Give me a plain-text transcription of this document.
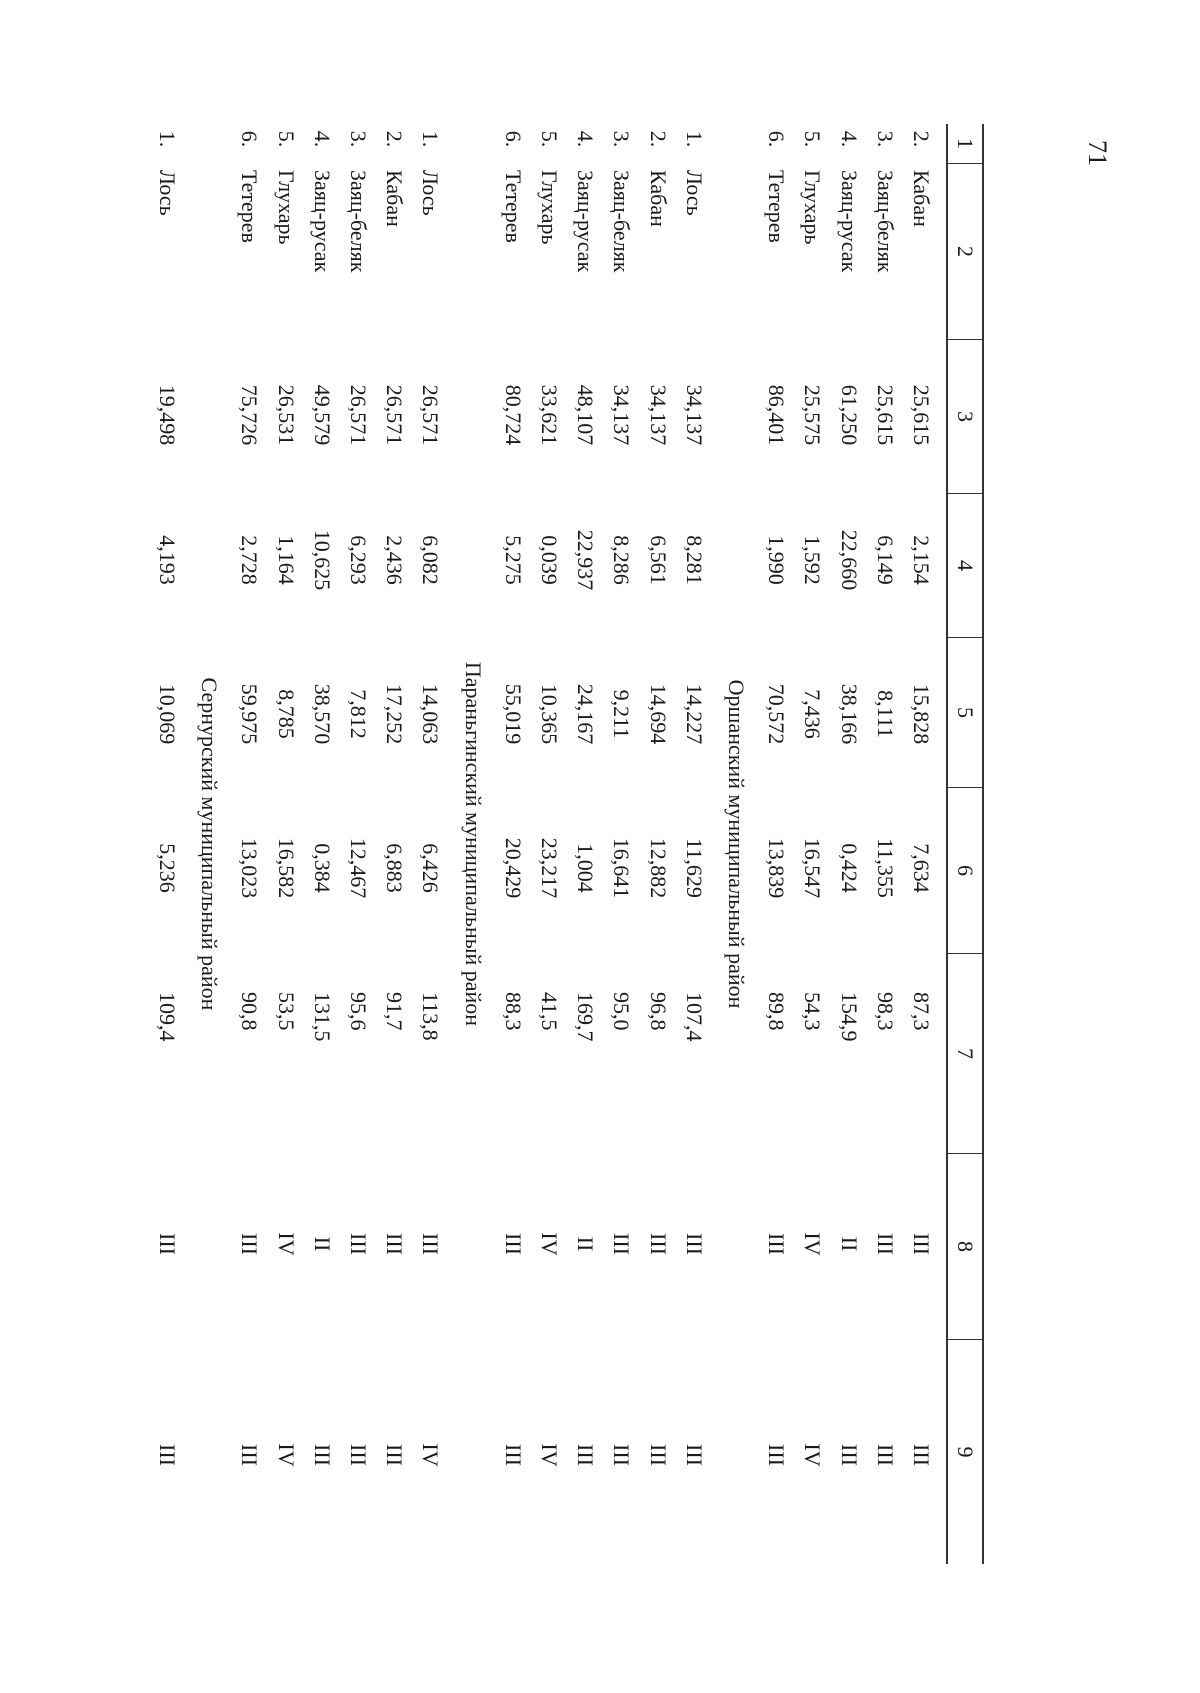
71
1
2
3
4
5
6
7
8
9
2.
Кабан
25,615
2,154
15,828
7,634
87,3
III
III
3.
Заяц-беляк
25,615
6,149
8,111
11,355
98,3
III
III
4.
Заяц-русак
61,250
22,660
38,166
0,424
154,9
II
III
5.
Глухарь
25,575
1,592
7,436
16,547
54,3
IV
IV
6.
Тетерев
86,401
1,990
70,572
13,839
89,8
III
III
Оршанский муниципальный район
1.
Лось
34,137
8,281
14,227
11,629
107,4
III
III
2.
Кабан
34,137
6,561
14,694
12,882
96,8
III
III
3.
Заяц-беляк
34,137
8,286
9,211
16,641
95,0
III
III
4.
Заяц-русак
48,107
22,937
24,167
1,004
169,7
II
III
5.
Глухарь
33,621
0,039
10,365
23,217
41,5
IV
IV
6.
Тетерев
80,724
5,275
55,019
20,429
88,3
III
III
Параньгинский муниципальный район
1.
Лось
26,571
6,082
14,063
6,426
113,8
III
IV
2.
Кабан
26,571
2,436
17,252
6,883
91,7
III
III
3.
Заяц-беляк
26,571
6,293
7,812
12,467
95,6
III
III
4.
Заяц-русак
49,579
10,625
38,570
0,384
131,5
II
III
5.
Глухарь
26,531
1,164
8,785
16,582
53,5
IV
IV
6.
Тетерев
75,726
2,728
59,975
13,023
90,8
III
III
Сернурский муниципальный район
1.
Лось
19,498
4,193
10,069
5,236
109,4
III
III
